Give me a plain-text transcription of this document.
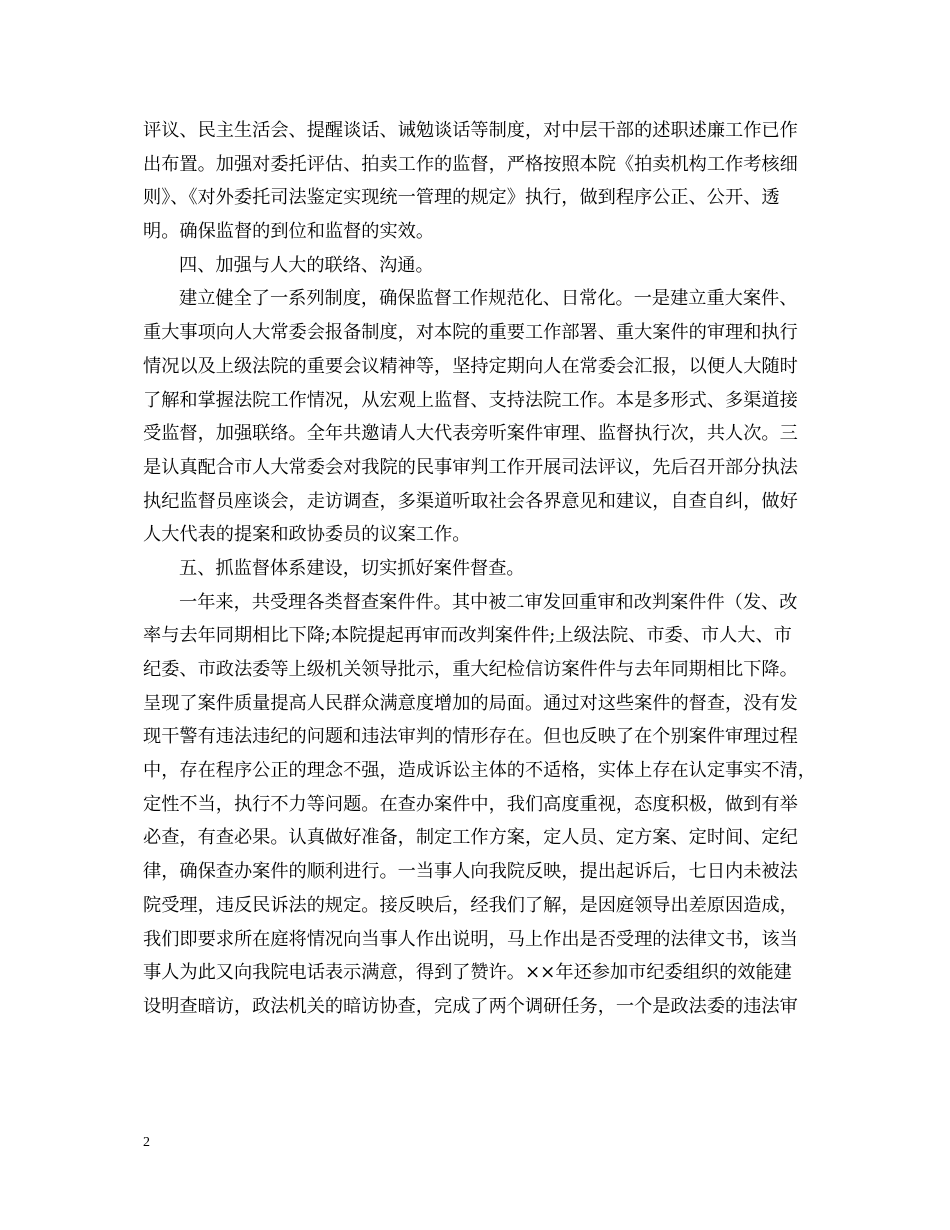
评议、民主生活会、提醒谈话、诫勉谈话等制度，对中层干部的述职述廉工作已作
出布置。加强对委托评估、拍卖工作的监督，严格按照本院《拍卖机构工作考核细
则》、《对外委托司法鉴定实现统一管理的规定》执行，做到程序公正、公开、透
明。确保监督的到位和监督的实效。
四、加强与人大的联络、沟通。
建立健全了一系列制度，确保监督工作规范化、日常化。一是建立重大案件、
重大事项向人大常委会报备制度，对本院的重要工作部署、重大案件的审理和执行
情况以及上级法院的重要会议精神等，坚持定期向人在常委会汇报，以便人大随时
了解和掌握法院工作情况，从宏观上监督、支持法院工作。本是多形式、多渠道接
受监督，加强联络。全年共邀请人大代表旁听案件审理、监督执行次，共人次。三
是认真配合市人大常委会对我院的民事审判工作开展司法评议，先后召开部分执法
执纪监督员座谈会，走访调查，多渠道听取社会各界意见和建议，自查自纠，做好
人大代表的提案和政协委员的议案工作。
五、抓监督体系建设，切实抓好案件督查。
一年来，共受理各类督查案件件。其中被二审发回重审和改判案件件（发、改
率与去年同期相比下降;本院提起再审而改判案件件;上级法院、市委、市人大、市
纪委、市政法委等上级机关领导批示，重大纪检信访案件件与去年同期相比下降。
呈现了案件质量提高人民群众满意度增加的局面。通过对这些案件的督查，没有发
现干警有违法违纪的问题和违法审判的情形存在。但也反映了在个别案件审理过程
中，存在程序公正的理念不强，造成诉讼主体的不适格，实体上存在认定事实不清，
定性不当，执行不力等问题。在查办案件中，我们高度重视，态度积极，做到有举
必查，有查必果。认真做好准备，制定工作方案，定人员、定方案、定时间、定纪
律，确保查办案件的顺利进行。一当事人向我院反映，提出起诉后，七日内未被法
院受理，违反民诉法的规定。接反映后，经我们了解，是因庭领导出差原因造成，
我们即要求所在庭将情况向当事人作出说明，马上作出是否受理的法律文书，该当
事人为此又向我院电话表示满意，得到了赞许。××年还参加市纪委组织的效能建
设明查暗访，政法机关的暗访协查，完成了两个调研任务，一个是政法委的违法审
2
